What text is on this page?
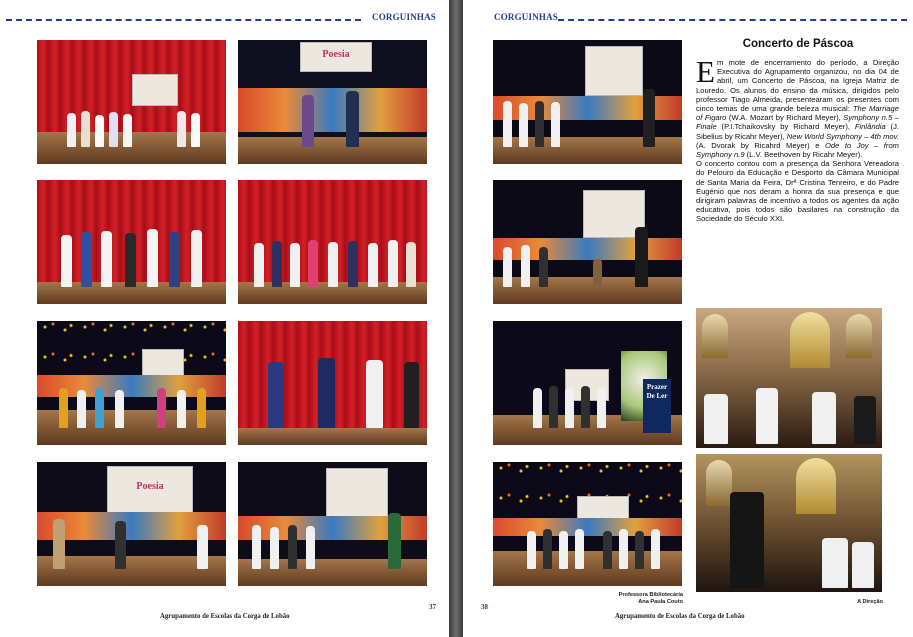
CORGUINHAS
Poesia
Poesia
Agrupamento de Escolas da Corga de Lobão
37
CORGUINHAS
Prazer De Ler
Concerto de Páscoa

Em mote de encerramento do período, a Direção Executiva do Agrupamento organizou, no dia 04 de abril, um Concerto de Páscoa, na Igreja Matriz de Louredo. Os alunos do ensino da música, dirigidos pelo professor Tiago Almeida, presentearam os presentes com cinco temas de uma grande beleza musical: The Marriage of Figaro (W.A. Mozart by Richard Meyer), Symphony n.5 – Finale (P.I.Tchaikovsky by Richard Meyer), Finlândia (J. Sibelius by Ricahr Meyer), New World Symphony – 4th mov. (A. Dvorak by Ricahrd Meyer) e Ode to Joy – from Symphony n.9 (L.V. Beethoven by Ricahr Meyer).

O concerto contou com a presença da Senhora Vereadora do Pelouro da Educação e Desporto da Câmara Municipal de Santa Maria da Feira, Drª Cristina Tenreiro, e do Padre Eugénio que nos deram a honra da sua presença e que dirigiram palavras de incentivo a todos os agentes da ação educativa, pois todos são basilares na construção da Sociedade do Século XXI.

Professora Bibliotecária
Ana Paula Couto	A Direção
38
Agrupamento de Escolas da Corga de Lobão
